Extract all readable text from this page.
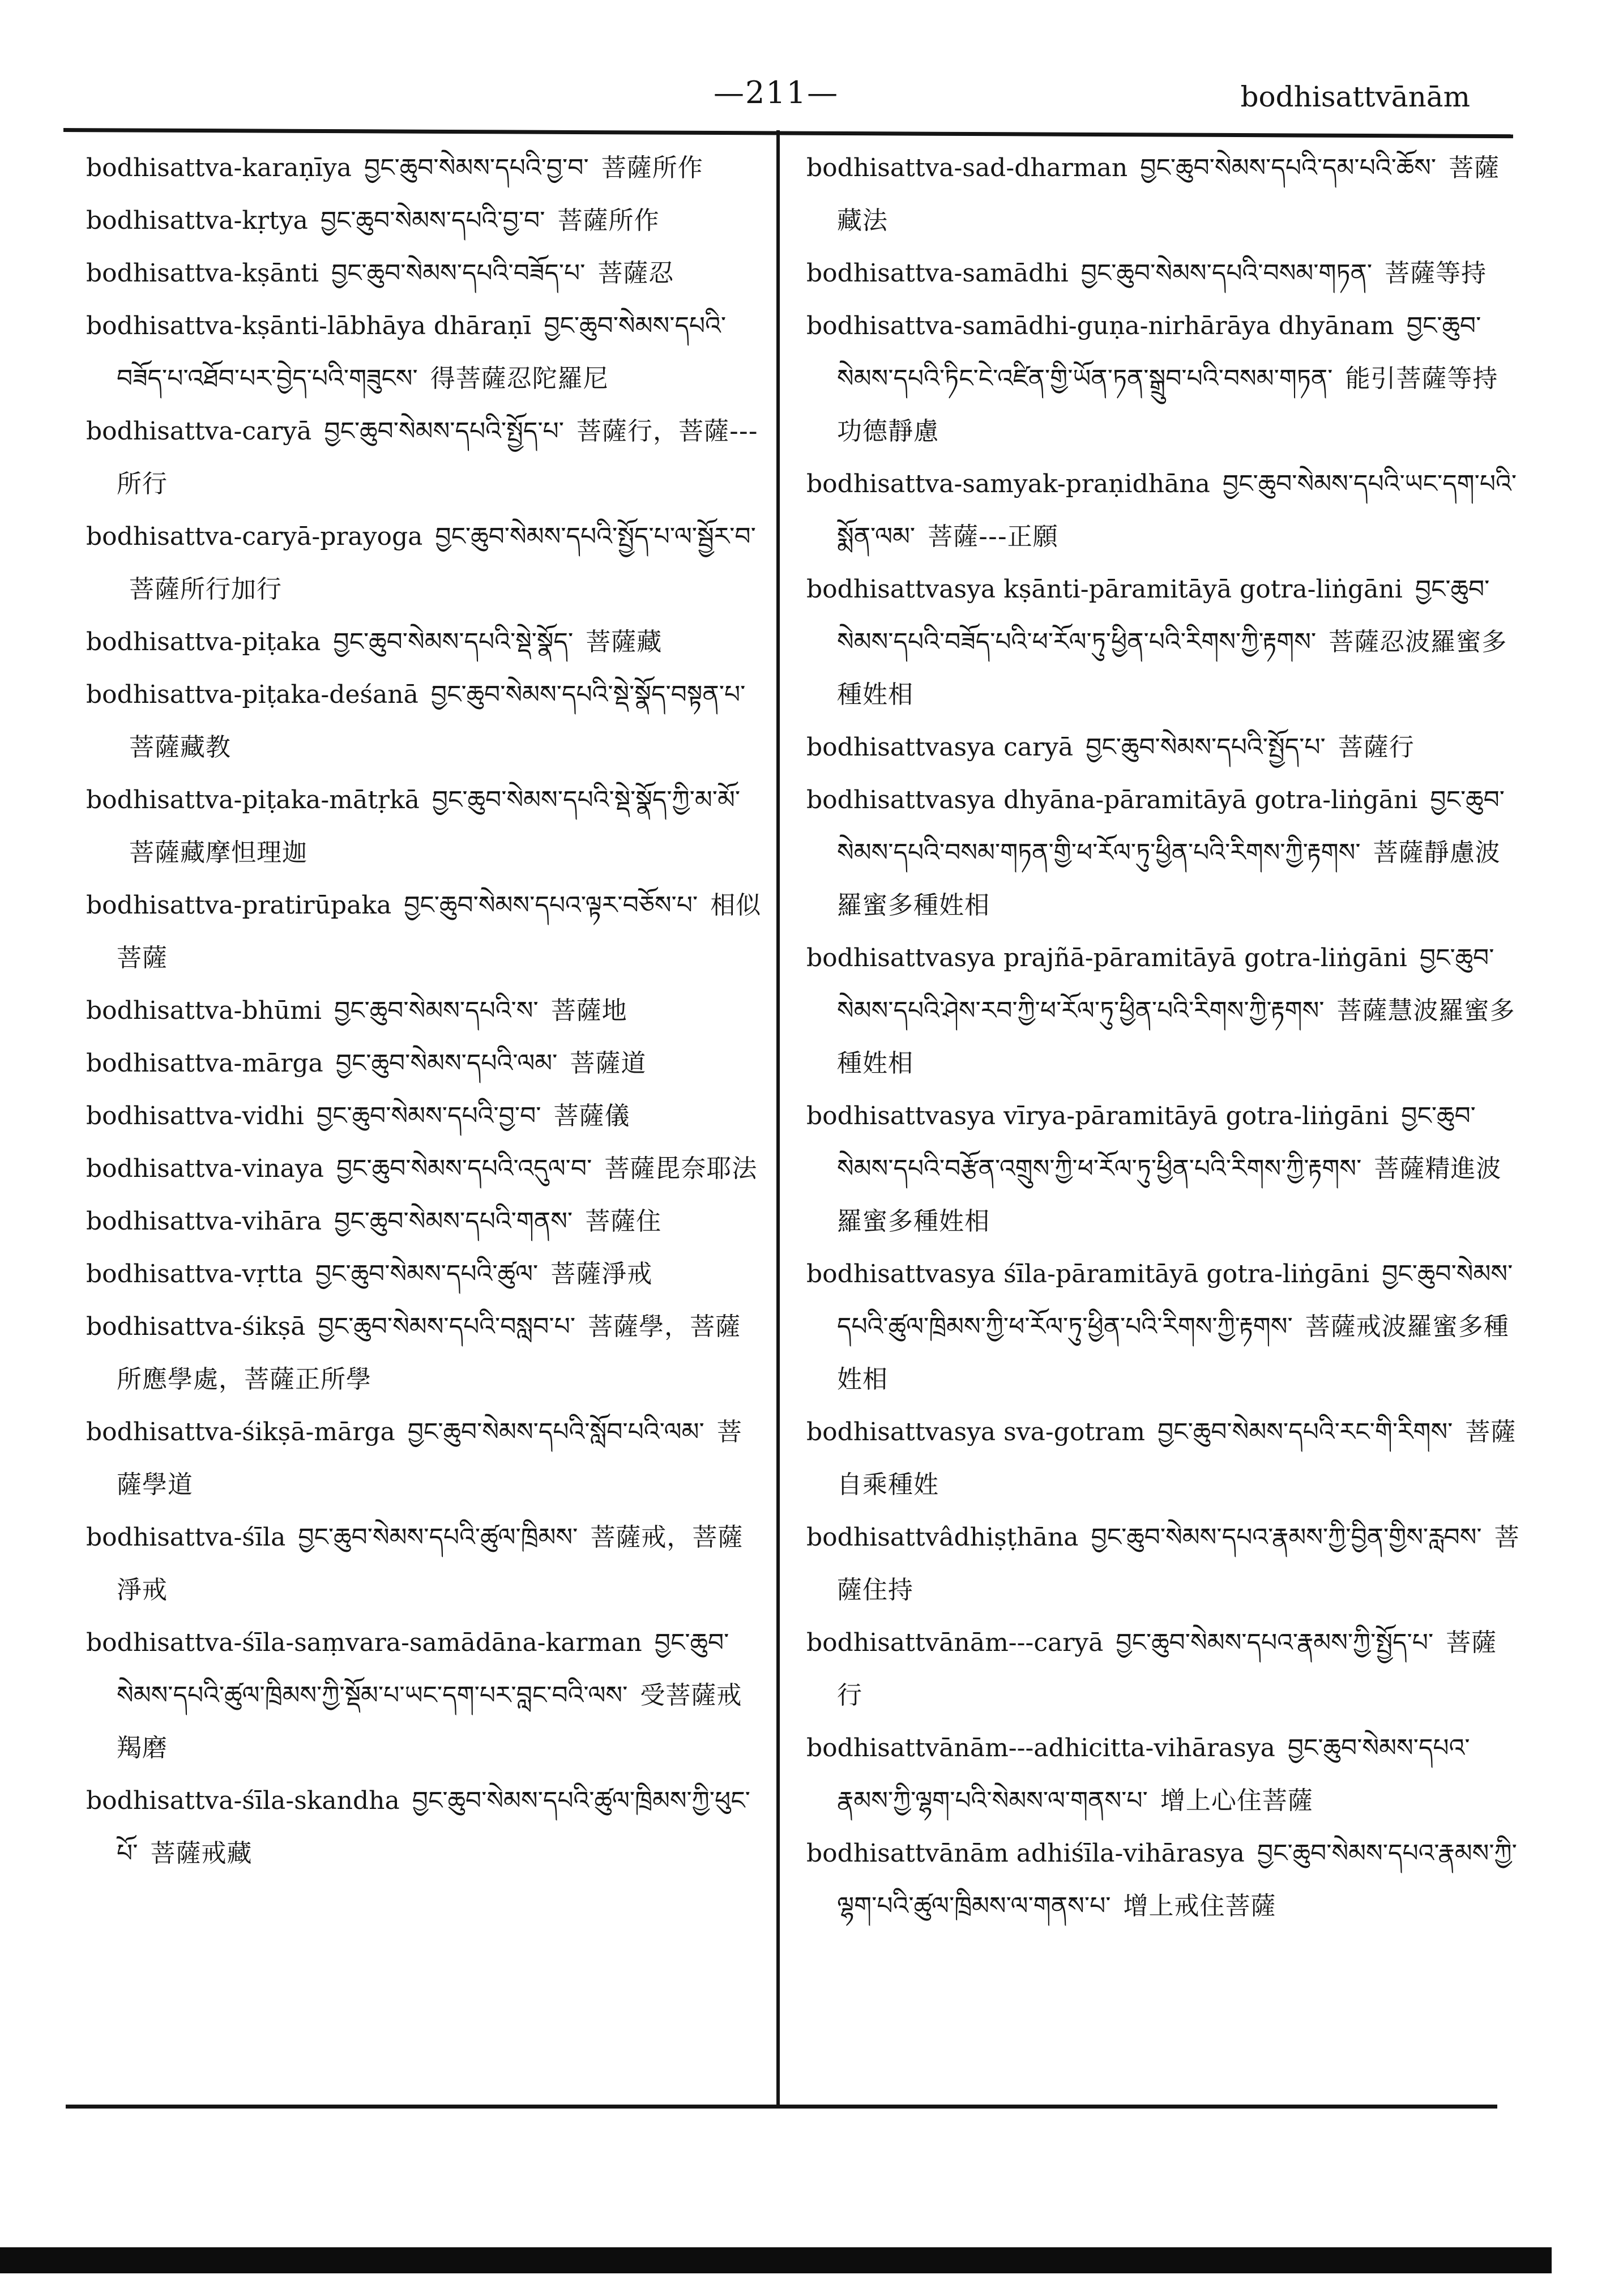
—211—	bodhisattvānām
bodhisattva-karaṇīya བྱང་ཆུབ་སེམས་དཔའི་བྱ་བ་ 菩薩所作
bodhisattva-kṛtya བྱང་ཆུབ་སེམས་དཔའི་བྱ་བ་ 菩薩所作
bodhisattva-kṣānti བྱང་ཆུབ་སེམས་དཔའི་བཟོད་པ་ 菩薩忍
bodhisattva-kṣānti-lābhāya dhāraṇī བྱང་ཆུབ་སེམས་དཔའི་བཟོད་པ་འཐོབ་པར་བྱེད་པའི་གཟུངས་ 得菩薩忍陀羅尼
bodhisattva-caryā བྱང་ཆུབ་སེམས་དཔའི་སྤྱོད་པ་ 菩薩行，菩薩---所行
bodhisattva-caryā-prayoga བྱང་ཆུབ་སེམས་དཔའི་སྤྱོད་པ་ལ་སྦྱོར་བ་菩薩所行加行
bodhisattva-piṭaka བྱང་ཆུབ་སེམས་དཔའི་སྡེ་སྣོད་ 菩薩藏
bodhisattva-piṭaka-deśanā བྱང་ཆུབ་སེམས་དཔའི་སྡེ་སྣོད་བསྟན་པ་菩薩藏教
bodhisattva-piṭaka-mātṛkā བྱང་ཆུབ་སེམས་དཔའི་སྡེ་སྣོད་ཀྱི་མ་མོ་菩薩藏摩怛理迦
bodhisattva-pratirūpaka བྱང་ཆུབ་སེམས་དཔའ་ལྟར་བཅོས་པ་ 相似菩薩
bodhisattva-bhūmi བྱང་ཆུབ་སེམས་དཔའི་ས་ 菩薩地
bodhisattva-mārga བྱང་ཆུབ་སེམས་དཔའི་ལམ་ 菩薩道
bodhisattva-vidhi བྱང་ཆུབ་སེམས་དཔའི་བྱ་བ་ 菩薩儀
bodhisattva-vinaya བྱང་ཆུབ་སེམས་དཔའི་འདུལ་བ་ 菩薩毘奈耶法
bodhisattva-vihāra བྱང་ཆུབ་སེམས་དཔའི་གནས་ 菩薩住
bodhisattva-vṛtta བྱང་ཆུབ་སེམས་དཔའི་ཚུལ་ 菩薩淨戒
bodhisattva-śikṣā བྱང་ཆུབ་སེམས་དཔའི་བསླབ་པ་ 菩薩學，菩薩所應學處，菩薩正所學
bodhisattva-śikṣā-mārga བྱང་ཆུབ་སེམས་དཔའི་སློབ་པའི་ལམ་ 菩薩學道
bodhisattva-śīla བྱང་ཆུབ་སེམས་དཔའི་ཚུལ་ཁྲིམས་ 菩薩戒，菩薩淨戒
bodhisattva-śīla-saṃvara-samādāna-karman བྱང་ཆུབ་སེམས་དཔའི་ཚུལ་ཁྲིམས་ཀྱི་སྡོམ་པ་ཡང་དག་པར་བླང་བའི་ལས་ 受菩薩戒羯磨
bodhisattva-śīla-skandha བྱང་ཆུབ་སེམས་དཔའི་ཚུལ་ཁྲིམས་ཀྱི་ཕུང་པོ་ 菩薩戒藏
bodhisattva-sad-dharman བྱང་ཆུབ་སེམས་དཔའི་དམ་པའི་ཆོས་ 菩薩藏法
bodhisattva-samādhi བྱང་ཆུབ་སེམས་དཔའི་བསམ་གཏན་ 菩薩等持
bodhisattva-samādhi-guṇa-nirhārāya dhyānam བྱང་ཆུབ་སེམས་དཔའི་ཏིང་ངེ་འཛིན་གྱི་ཡོན་ཏན་སྒྲུབ་པའི་བསམ་གཏན་ 能引菩薩等持功德靜慮
bodhisattva-samyak-praṇidhāna བྱང་ཆུབ་སེམས་དཔའི་ཡང་དག་པའི་སྨོན་ལམ་ 菩薩---正願
bodhisattvasya kṣānti-pāramitāyā gotra-liṅgāni བྱང་ཆུབ་སེམས་དཔའི་བཟོད་པའི་ཕ་རོལ་ཏུ་ཕྱིན་པའི་རིགས་ཀྱི་རྟགས་ 菩薩忍波羅蜜多種姓相
bodhisattvasya caryā བྱང་ཆུབ་སེམས་དཔའི་སྤྱོད་པ་ 菩薩行
bodhisattvasya dhyāna-pāramitāyā gotra-liṅgāni བྱང་ཆུབ་སེམས་དཔའི་བསམ་གཏན་གྱི་ཕ་རོལ་ཏུ་ཕྱིན་པའི་རིགས་ཀྱི་རྟགས་ 菩薩靜慮波羅蜜多種姓相
bodhisattvasya prajñā-pāramitāyā gotra-liṅgāni བྱང་ཆུབ་སེམས་དཔའི་ཤེས་རབ་ཀྱི་ཕ་རོལ་ཏུ་ཕྱིན་པའི་རིགས་ཀྱི་རྟགས་ 菩薩慧波羅蜜多種姓相
bodhisattvasya vīrya-pāramitāyā gotra-liṅgāni བྱང་ཆུབ་སེམས་དཔའི་བརྩོན་འགྲུས་ཀྱི་ཕ་རོལ་ཏུ་ཕྱིན་པའི་རིགས་ཀྱི་རྟགས་ 菩薩精進波羅蜜多種姓相
bodhisattvasya śīla-pāramitāyā gotra-liṅgāni བྱང་ཆུབ་སེམས་དཔའི་ཚུལ་ཁྲིམས་ཀྱི་ཕ་རོལ་ཏུ་ཕྱིན་པའི་རིགས་ཀྱི་རྟགས་ 菩薩戒波羅蜜多種姓相
bodhisattvasya sva-gotram བྱང་ཆུབ་སེམས་དཔའི་རང་གི་རིགས་ 菩薩自乘種姓
bodhisattvâdhiṣṭhāna བྱང་ཆུབ་སེམས་དཔའ་རྣམས་ཀྱི་བྱིན་གྱིས་རླབས་ 菩薩住持
bodhisattvānām---caryā བྱང་ཆུབ་སེམས་དཔའ་རྣམས་ཀྱི་སྤྱོད་པ་ 菩薩行
bodhisattvānām---adhicitta-vihārasya བྱང་ཆུབ་སེམས་དཔའ་རྣམས་ཀྱི་ལྷག་པའི་སེམས་ལ་གནས་པ་ 增上心住菩薩
bodhisattvānām adhiśīla-vihārasya བྱང་ཆུབ་སེམས་དཔའ་རྣམས་ཀྱི་ལྷག་པའི་ཚུལ་ཁྲིམས་ལ་གནས་པ་ 增上戒住菩薩
